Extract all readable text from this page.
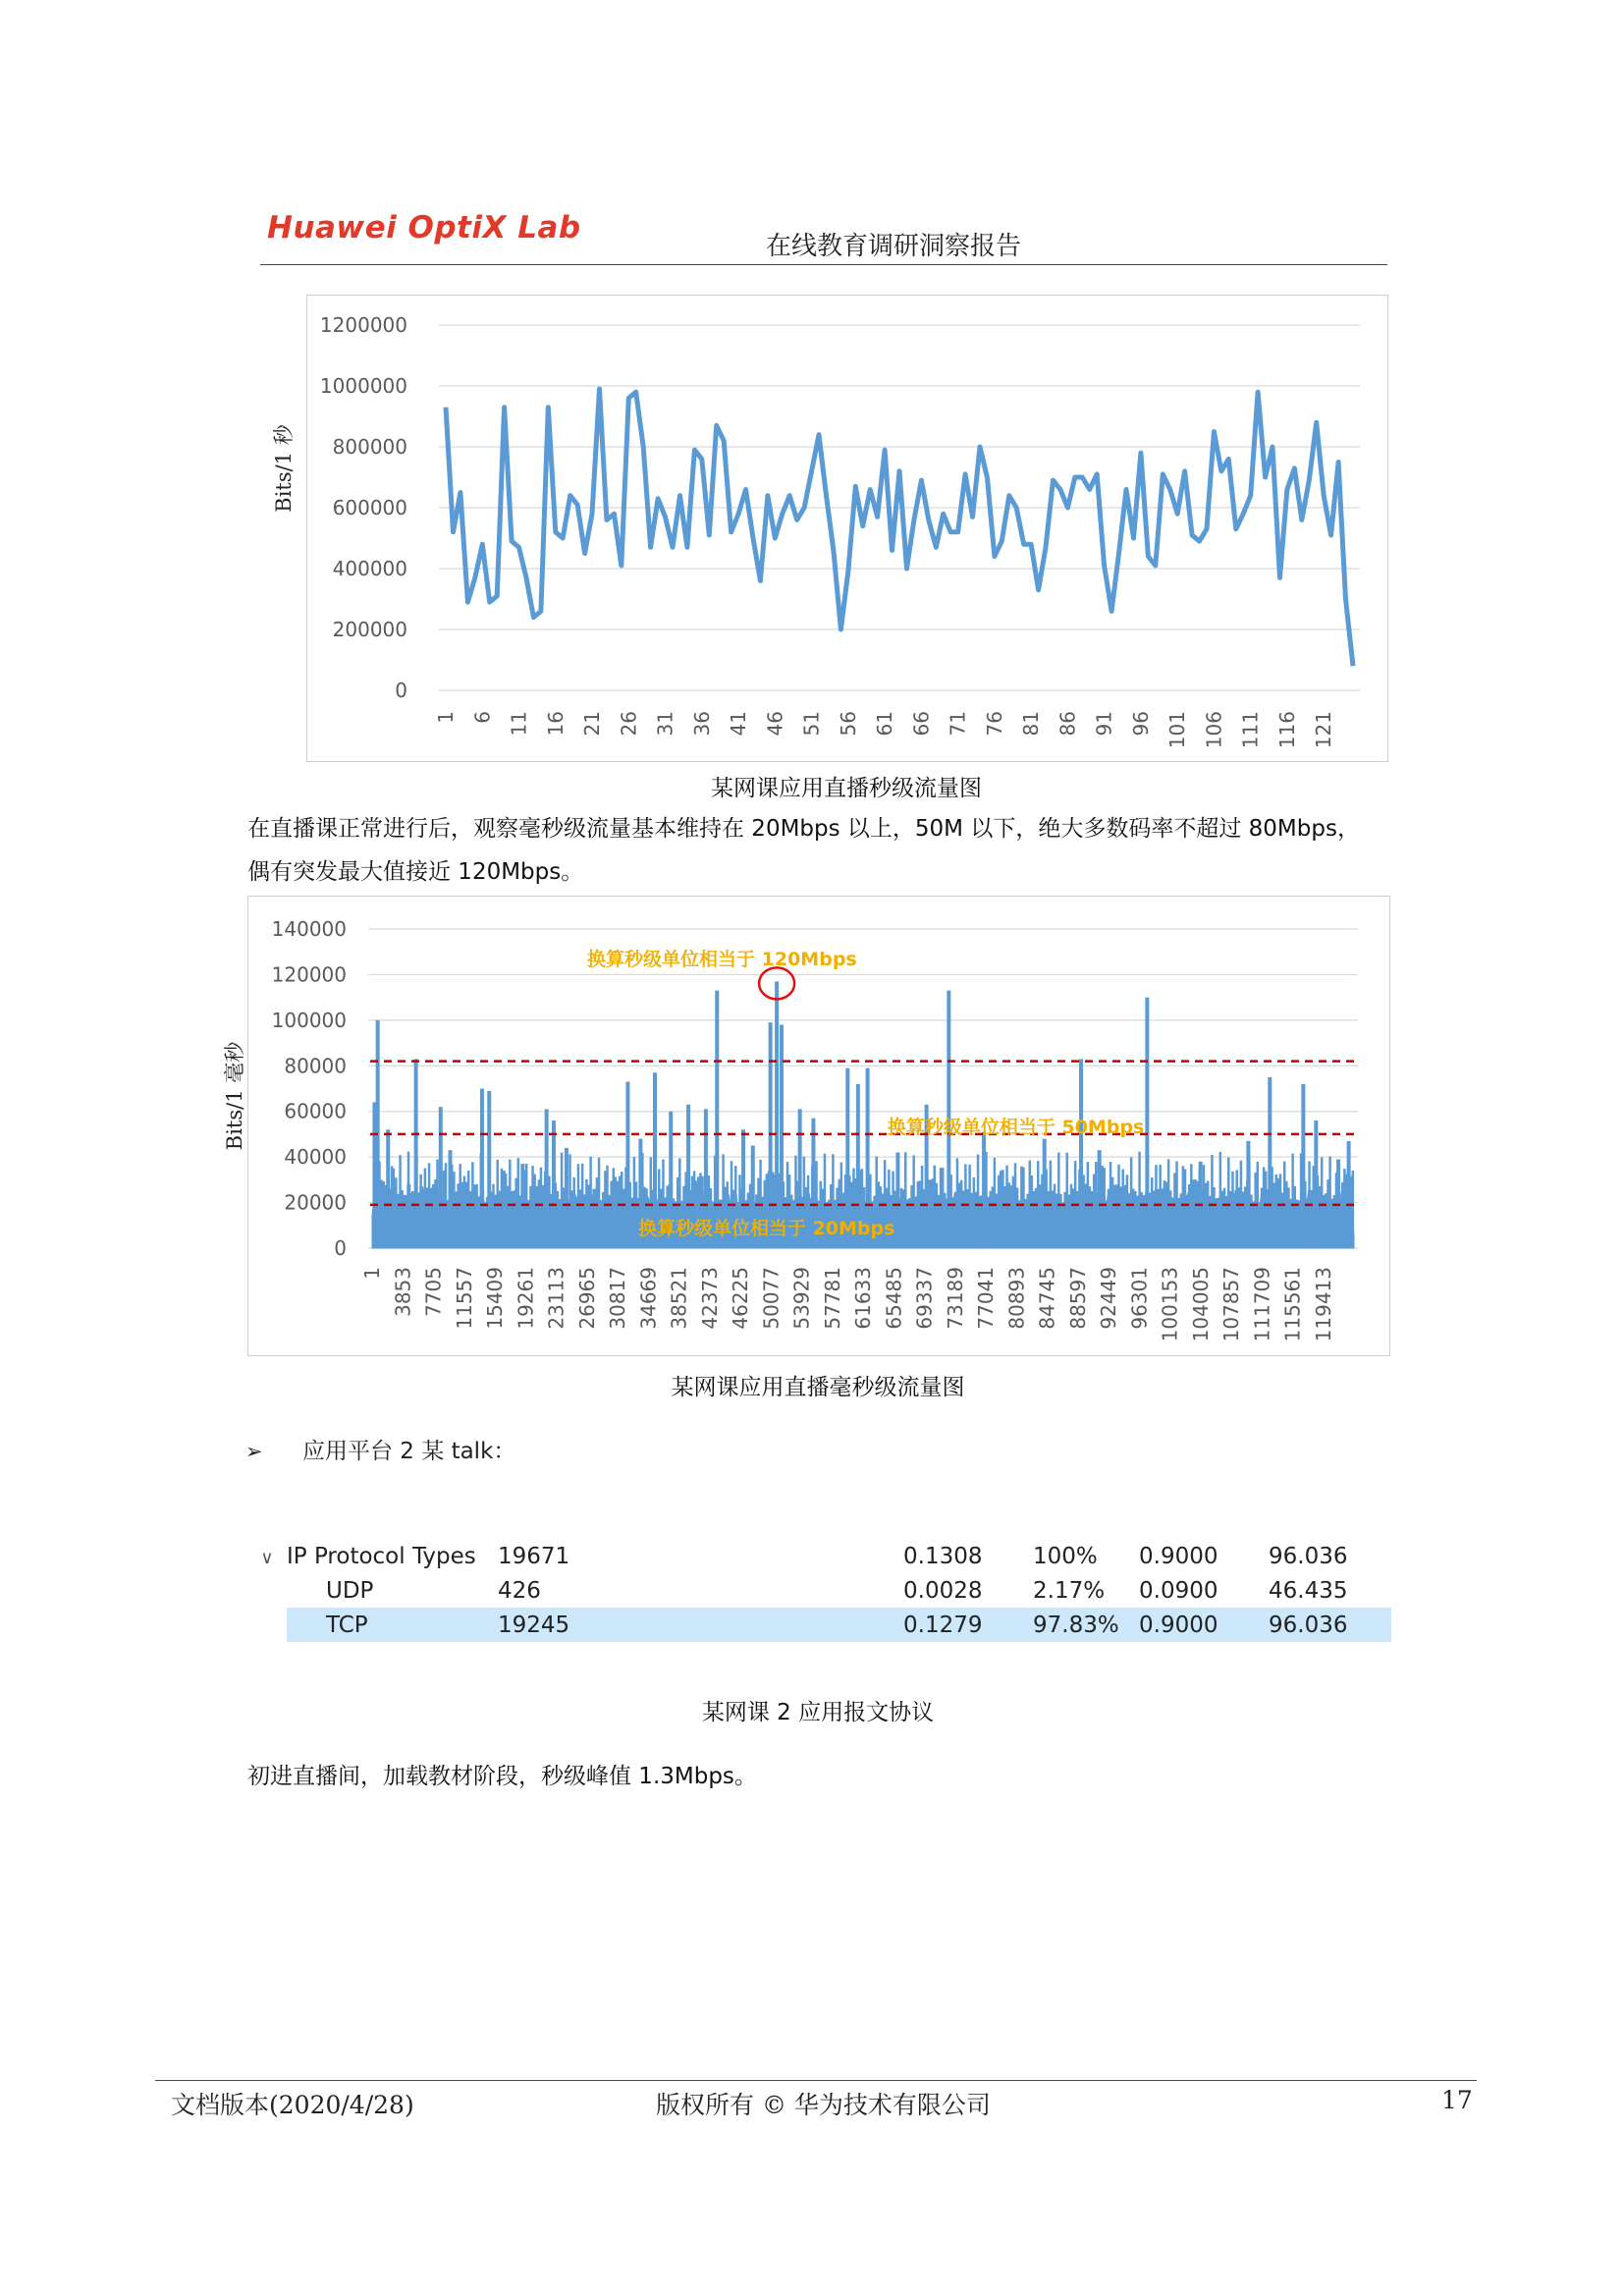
Huawei OptiX Lab
在线教育调研洞察报告
Bits/1 秒
0
200000
400000
600000
800000
1000000
1200000
1 6 11 16 21 26 31 36 41 46 51 56 61 66 71 76 81 86 91 96 101 106 111 116 121
某网课应用直播秒级流量图
在直播课正常进行后，观察毫秒级流量基本维持在 20Mbps 以上，50M 以下，绝大多数码率不超过 80Mbps，偶有突发最大值接近 120Mbps。
Bits/1 毫秒
0
20000
40000
60000
80000
100000
120000
140000
换算秒级单位相当于 120Mbps
换算秒级单位相当于 50Mbps
换算秒级单位相当于 20Mbps
1 3853 7705 11557 15409 19261 23113 26965 30817 34669 38521 42373 46225 50077 53929 57781 61633 65485 69337 73189 77041 80893 84745 88597 92449 96301 100153 104005 107857 111709 115561 119413
某网课应用直播毫秒级流量图
➢ 应用平台 2 某 talk：
∨	IP Protocol Types	19671	0.1308	100%	0.9000	96.036
	UDP	426	0.0028	2.17%	0.0900	46.435
	TCP	19245	0.1279	97.83%	0.9000	96.036
某网课 2 应用报文协议
初进直播间，加载教材阶段，秒级峰值 1.3Mbps。
文档版本(2020/4/28)	版权所有 © 华为技术有限公司	17
